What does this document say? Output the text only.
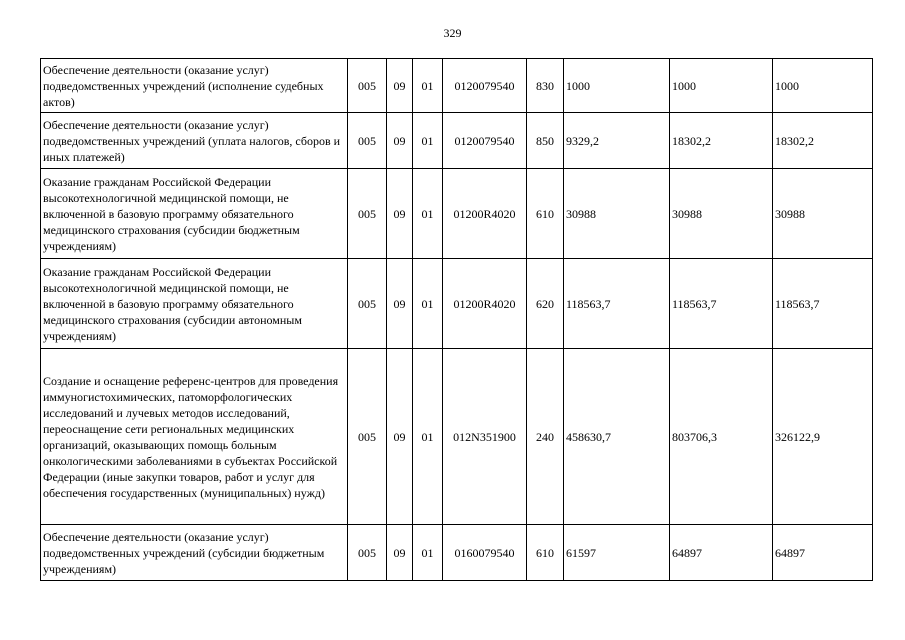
329
Обеспечение деятельности (оказание услуг) подведомственных учреждений (исполнение судебных актов)	005	09	01	0120079540	830	1000	1000	1000
Обеспечение деятельности (оказание услуг) подведомственных учреждений (уплата налогов, сборов и иных платежей)	005	09	01	0120079540	850	9329,2	18302,2	18302,2
Оказание гражданам Российской Федерации высокотехнологичной медицинской помощи, не включенной в базовую программу обязательного медицинского страхования (субсидии бюджетным учреждениям)	005	09	01	01200R4020	610	30988	30988	30988
Оказание гражданам Российской Федерации высокотехнологичной медицинской помощи, не включенной в базовую программу обязательного медицинского страхования (субсидии автономным учреждениям)	005	09	01	01200R4020	620	118563,7	118563,7	118563,7
Создание и оснащение референс-центров для проведения иммуногистохимических, патоморфологических исследований и лучевых методов исследований, переоснащение сети региональных медицинских организаций, оказывающих помощь больным онкологическими заболеваниями в субъектах Российской Федерации (иные закупки товаров, работ и услуг для обеспечения государственных (муниципальных) нужд)	005	09	01	012N351900	240	458630,7	803706,3	326122,9
Обеспечение деятельности (оказание услуг) подведомственных учреждений (субсидии бюджетным учреждениям)	005	09	01	0160079540	610	61597	64897	64897
